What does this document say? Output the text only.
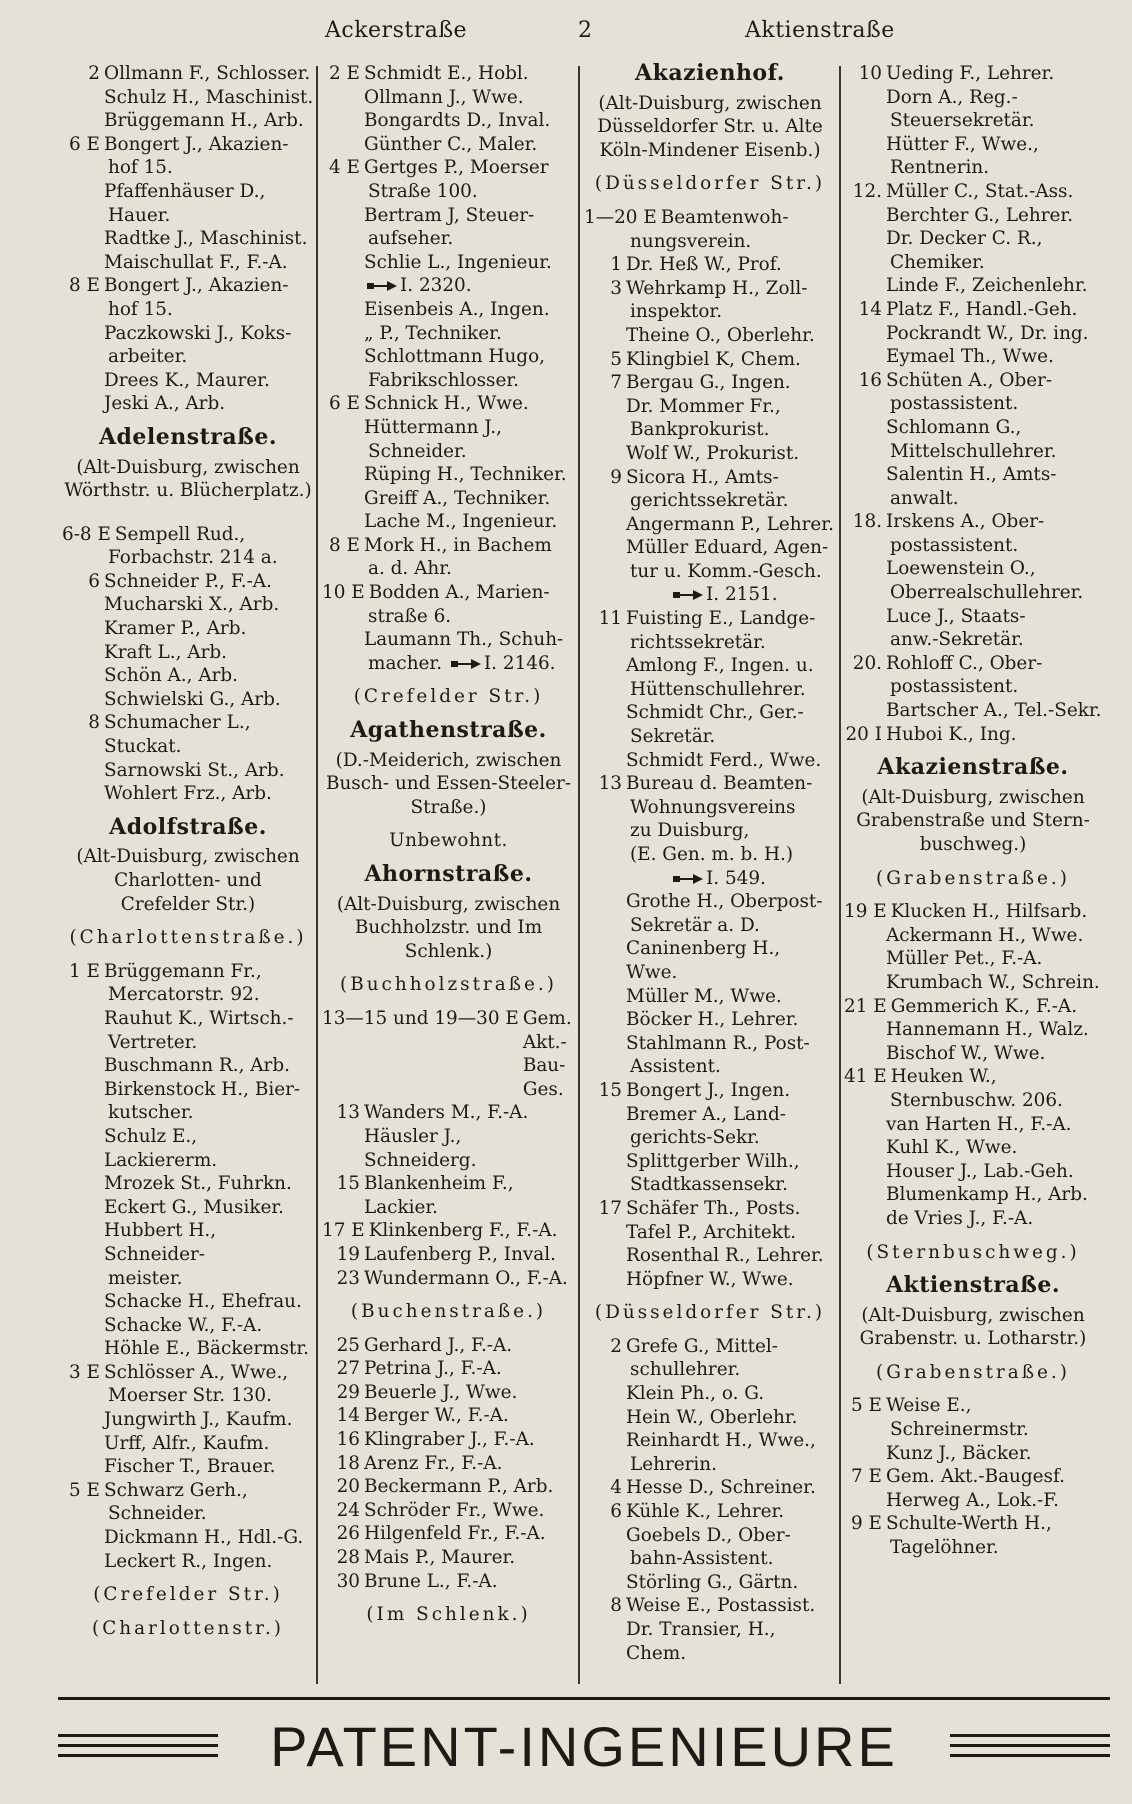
Ackerstraße	2	Aktienstraße
2 Ollmann F., Schlosser.
Schulz H., Maschinist.
Brüggemann H., Arb.
6 E Bongert J., Akazien-
hof 15.
Pfaffenhäuser D.,
Hauer.
Radtke J., Maschinist.
Maischullat F., F.-A.
8 E Bongert J., Akazien-
hof 15.
Paczkowski J., Koks-
arbeiter.
Drees K., Maurer.
Jeski A., Arb.
Adelenstraße.
(Alt-Duisburg, zwischen
Wörthstr. u. Blücherplatz.)
6-8 E Sempell Rud.,
Forbachstr. 214 a.
6 Schneider P., F.-A.
Mucharski X., Arb.
Kramer P., Arb.
Kraft L., Arb.
Schön A., Arb.
Schwielski G., Arb.
8 Schumacher L., Stuckat.
Sarnowski St., Arb.
Wohlert Frz., Arb.
Adolfstraße.
(Alt-Duisburg, zwischen
Charlotten- und
Crefelder Str.)
(Charlottenstraße.)
1 E Brüggemann Fr.,
Mercatorstr. 92.
Rauhut K., Wirtsch.-
Vertreter.
Buschmann R., Arb.
Birkenstock H., Bier-
kutscher.
Schulz E., Lackiererm.
Mrozek St., Fuhrkn.
Eckert G., Musiker.
Hubbert H., Schneider-
meister.
Schacke H., Ehefrau.
Schacke W., F.-A.
Höhle E., Bäckermstr.
3 E Schlösser A., Wwe.,
Moerser Str. 130.
Jungwirth J., Kaufm.
Urff, Alfr., Kaufm.
Fischer T., Brauer.
5 E Schwarz Gerh.,
Schneider.
Dickmann H., Hdl.-G.
Leckert R., Ingen.
(Crefelder Str.)
(Charlottenstr.)
2 E Schmidt E., Hobl.
Ollmann J., Wwe.
Bongardts D., Inval.
Günther C., Maler.
4 E Gertges P., Moerser
Straße 100.
Bertram J, Steuer-
aufseher.
Schlie L., Ingenieur. I. 2320.
Eisenbeis A., Ingen.
„ P., Techniker.
Schlottmann Hugo,
Fabrikschlosser.
6 E Schnick H., Wwe.
Hüttermann J.,
Schneider.
Rüping H., Techniker.
Greiff A., Techniker.
Lache M., Ingenieur.
8 E Mork H., in Bachem
a. d. Ahr.
10 E Bodden A., Marien-
straße 6.
Laumann Th., Schuh-
macher. I. 2146.
(Crefelder Str.)
Agathenstraße.
(D.-Meiderich, zwischen
Busch- und Essen-Steeler-
Straße.)
Unbewohnt.
Ahornstraße.
(Alt-Duisburg, zwischen
Buchholzstr. und Im
Schlenk.)
(Buchholzstraße.)
13—15 und 19—30 E Gem. Akt.-Bau-Ges.
13 Wanders M., F.-A.
Häusler J., Schneiderg.
15 Blankenheim F., Lackier.
17 E Klinkenberg F., F.-A.
19 Laufenberg P., Inval.
23 Wundermann O., F.-A.
(Buchenstraße.)
25 Gerhard J., F.-A.
27 Petrina J., F.-A.
29 Beuerle J., Wwe.
14 Berger W., F.-A.
16 Klingraber J., F.-A.
18 Arenz Fr., F.-A.
20 Beckermann P., Arb.
24 Schröder Fr., Wwe.
26 Hilgenfeld Fr., F.-A.
28 Mais P., Maurer.
30 Brune L., F.-A.
(Im Schlenk.)
Akazienhof.
(Alt-Duisburg, zwischen
Düsseldorfer Str. u. Alte
Köln-Mindener Eisenb.)
(Düsseldorfer Str.)
1—20 E Beamtenwoh-
nungsverein.
1 Dr. Heß W., Prof.
3 Wehrkamp H., Zoll-
inspektor.
Theine O., Oberlehr.
5 Klingbiel K, Chem.
7 Bergau G., Ingen.
Dr. Mommer Fr.,
Bankprokurist.
Wolf W., Prokurist.
9 Sicora H., Amts-
gerichtssekretär.
Angermann P., Lehrer.
Müller Eduard, Agen-
tur u. Komm.-Gesch.
I. 2151.
11 Fuisting E., Landge-
richtssekretär.
Amlong F., Ingen. u.
Hüttenschullehrer.
Schmidt Chr., Ger.-
Sekretär.
Schmidt Ferd., Wwe.
13 Bureau d. Beamten-
Wohnungsvereins
zu Duisburg,
(E. Gen. m. b. H.)
I. 549.
Grothe H., Oberpost-
Sekretär a. D.
Caninenberg H., Wwe.
Müller M., Wwe.
Böcker H., Lehrer.
Stahlmann R., Post-
Assistent.
15 Bongert J., Ingen.
Bremer A., Land-
gerichts-Sekr.
Splittgerber Wilh.,
Stadtkassensekr.
17 Schäfer Th., Posts.
Tafel P., Architekt.
Rosenthal R., Lehrer.
Höpfner W., Wwe.
(Düsseldorfer Str.)
2 Grefe G., Mittel-
schullehrer.
Klein Ph., o. G.
Hein W., Oberlehr.
Reinhardt H., Wwe.,
Lehrerin.
4 Hesse D., Schreiner.
6 Kühle K., Lehrer.
Goebels D., Ober-
bahn-Assistent.
Störling G., Gärtn.
8 Weise E., Postassist.
Dr. Transier, H., Chem.
10 Ueding F., Lehrer.
Dorn A., Reg.-
Steuersekretär.
Hütter F., Wwe.,
Rentnerin.
12. Müller C., Stat.-Ass.
Berchter G., Lehrer.
Dr. Decker C. R.,
Chemiker.
Linde F., Zeichenlehr.
14 Platz F., Handl.-Geh.
Pockrandt W., Dr. ing.
Eymael Th., Wwe.
16 Schüten A., Ober-
postassistent.
Schlomann G.,
Mittelschullehrer.
Salentin H., Amts-
anwalt.
18. Irskens A., Ober-
postassistent.
Loewenstein O.,
Oberrealschullehrer.
Luce J., Staats-
anw.-Sekretär.
20. Rohloff C., Ober-
postassistent.
Bartscher A., Tel.-Sekr.
20 I Huboi K., Ing.
Akazienstraße.
(Alt-Duisburg, zwischen
Grabenstraße und Stern-
buschweg.)
(Grabenstraße.)
19 E Klucken H., Hilfsarb.
Ackermann H., Wwe.
Müller Pet., F.-A.
Krumbach W., Schrein.
21 E Gemmerich K., F.-A.
Hannemann H., Walz.
Bischof W., Wwe.
41 E Heuken W.,
Sternbuschw. 206.
van Harten H., F.-A.
Kuhl K., Wwe.
Houser J., Lab.-Geh.
Blumenkamp H., Arb.
de Vries J., F.-A.
(Sternbuschweg.)
Aktienstraße.
(Alt-Duisburg, zwischen
Grabenstr. u. Lotharstr.)
(Grabenstraße.)
5 E Weise E.,
Schreinermstr.
Kunz J., Bäcker.
7 E Gem. Akt.-Baugesf.
Herweg A., Lok.-F.
9 E Schulte-Werth H.,
Tagelöhner.
PATENT-INGENIEURE
